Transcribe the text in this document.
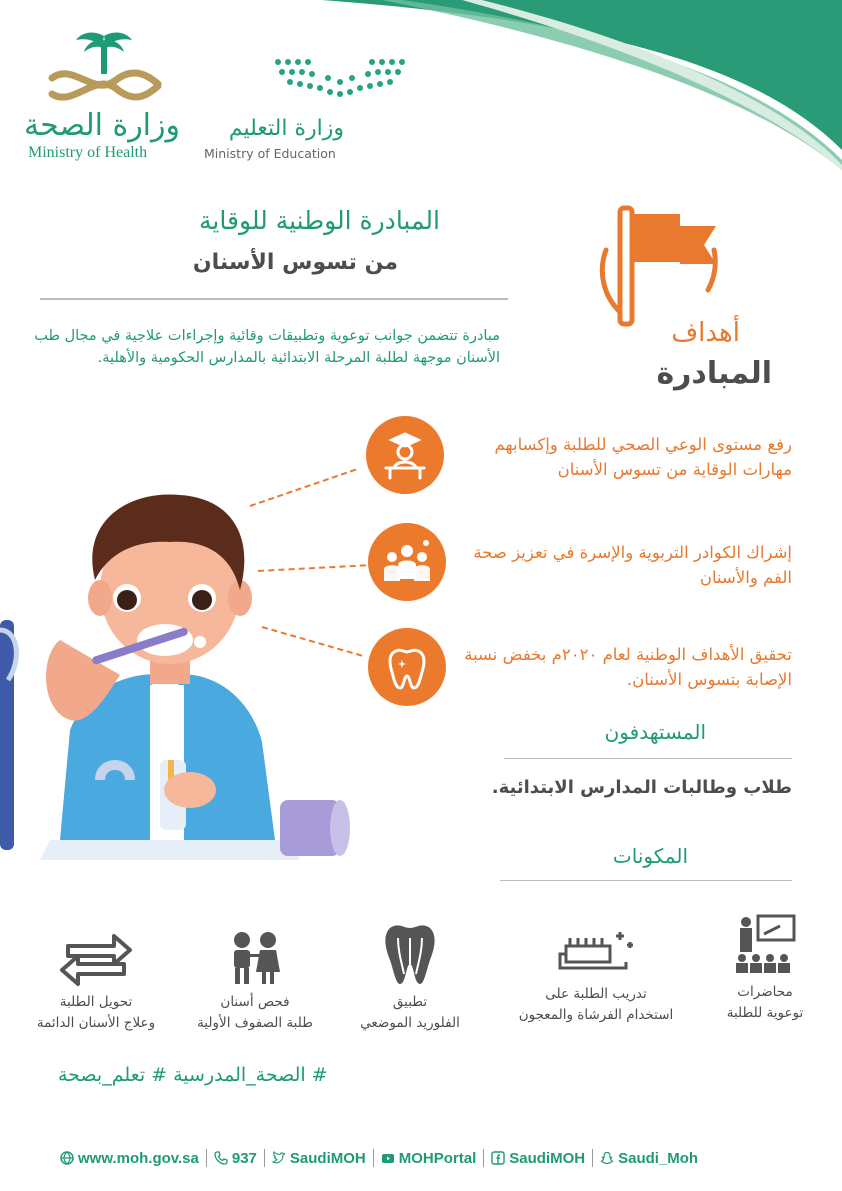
وزارة الصحة
Ministry of Health
وزارة التعليم
Ministry of Education
المبادرة الوطنية للوقاية
من تسوس الأسنان
مبادرة تتضمن جوانب توعوية وتطبيقات وقائية وإجراءات علاجية في مجال طب الأسنان موجهة لطلبة المرحلة الابتدائية بالمدارس الحكومية والأهلية.
أهداف
المبادرة
رفع مستوى الوعي الصحي للطلبة وإكسابهم مهارات الوقاية من تسوس الأسنان
إشراك الكوادر التربوية والإسرة في تعزيز صحة الفم والأسنان
تحقيق الأهداف الوطنية لعام ٢٠٢٠م بخفض نسبة الإصابة بتسوس الأسنان.
المستهدفون
طلاب وطالبات المدارس الابتدائية.
المكونات
محاضرات
توعوية للطلبة
تدريب الطلبة على
استخدام الفرشاة والمعجون
تطبيق
الفلوريد الموضعي
فحص أسنان
طلبة الصفوف الأولية
تحويل الطلبة
وعلاج الأسنان الدائمة
# الصحة_المدرسية # تعلم_بصحة
www.moh.gov.sa 937 SaudiMOH MOHPortal SaudiMOH Saudi_Moh
